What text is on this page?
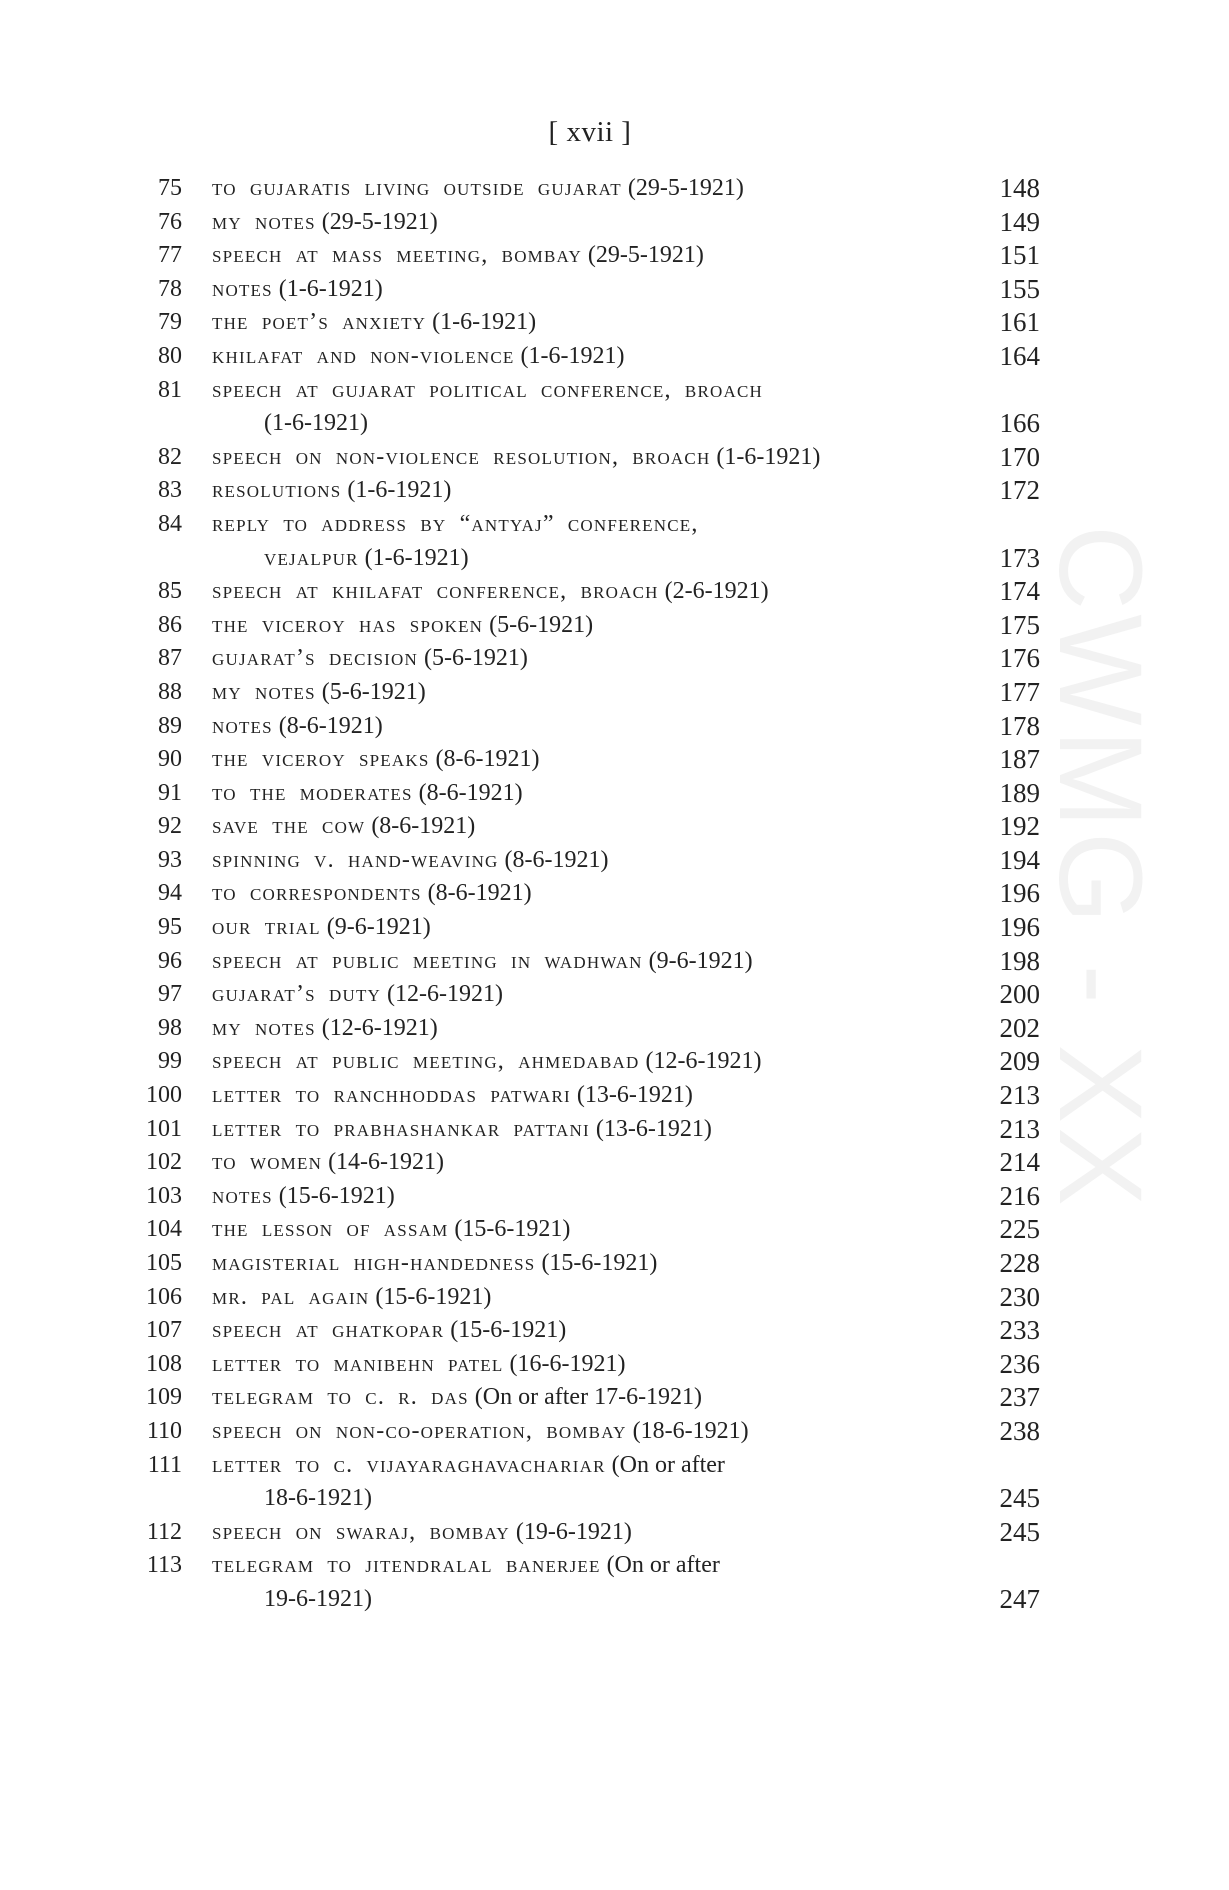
CWMG - XX
[ xvii ]
75 to gujaratis living outside gujarat (29-5-1921)	148
76 my notes (29-5-1921)	149
77 speech at mass meeting, bombay (29-5-1921)	151
78 notes (1-6-1921)	155
79 the poet’s anxiety (1-6-1921)	161
80 khilafat and non-violence (1-6-1921)	164
81 speech at gujarat political conference, broach
(1-6-1921)	166
82 speech on non-violence resolution, broach (1-6-1921)	170
83 resolutions (1-6-1921)	172
84 reply to address by “antyaj” conference,
vejalpur (1-6-1921)	173
85 speech at khilafat conference, broach (2-6-1921)	174
86 the viceroy has spoken (5-6-1921)	175
87 gujarat’s decision (5-6-1921)	176
88 my notes (5-6-1921)	177
89 notes (8-6-1921)	178
90 the viceroy speaks (8-6-1921)	187
91 to the moderates (8-6-1921)	189
92 save the cow (8-6-1921)	192
93 spinning v. hand-weaving (8-6-1921)	194
94 to correspondents (8-6-1921)	196
95 our trial (9-6-1921)	196
96 speech at public meeting in wadhwan (9-6-1921)	198
97 gujarat’s duty (12-6-1921)	200
98 my notes (12-6-1921)	202
99 speech at public meeting, ahmedabad (12-6-1921)	209
100 letter to ranchhoddas patwari (13-6-1921)	213
101 letter to prabhashankar pattani (13-6-1921)	213
102 to women (14-6-1921)	214
103 notes (15-6-1921)	216
104 the lesson of assam (15-6-1921)	225
105 magisterial high-handedness (15-6-1921)	228
106 mr. pal again (15-6-1921)	230
107 speech at ghatkopar (15-6-1921)	233
108 letter to manibehn patel (16-6-1921)	236
109 telegram to c. r. das (On or after 17-6-1921)	237
110 speech on non-co-operation, bombay (18-6-1921)	238
111 letter to c. vijayaraghavachariar (On or after
18-6-1921)	245
112 speech on swaraj, bombay (19-6-1921)	245
113 telegram to jitendralal banerjee (On or after
19-6-1921)	247
